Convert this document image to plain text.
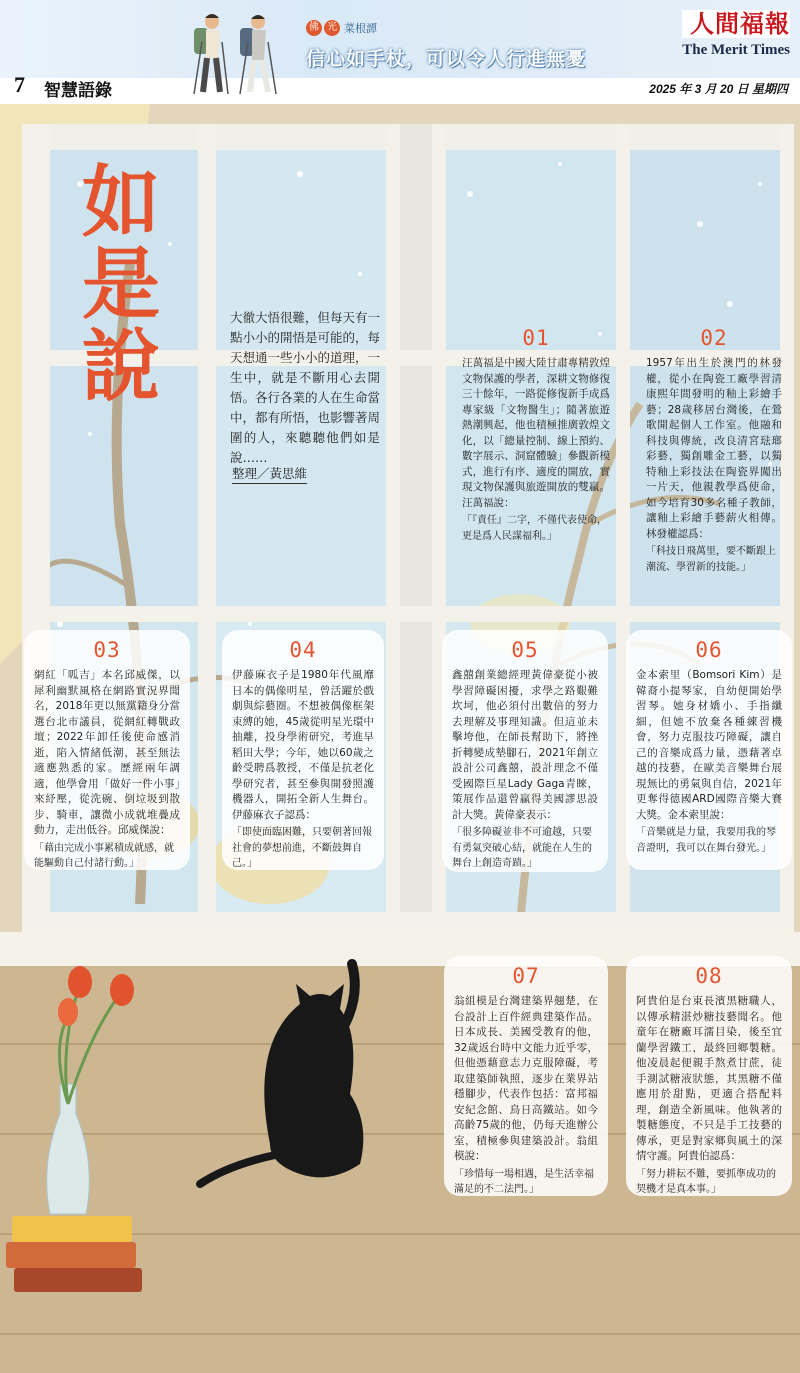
佛 光 菜根譚
信心如手杖，可以令人行進無憂
人間福報
The Merit Times
7 智慧語錄	2025 年 3 月 20 日 星期四
如
是
說

大徹大悟很難，但每天有一點小小的開悟是可能的，每天想通一些小小的道理，一生中，就是不斷用心去開悟。各行各業的人在生命當中，都有所悟，也影響著周圍的人，來聽聽他們如是說……

整理／黃思維
01

汪萬福是中國大陸甘肅專精敦煌文物保護的學者，深耕文物修復三十餘年，一路從修復新手成爲專家級「文物醫生」；隨著旅遊熱潮興起，他也積極推廣敦煌文化，以「總量控制、線上預約、數字展示、洞窟體驗」參觀新模式，進行有序、適度的開放，實現文物保護與旅遊開放的雙贏。汪萬福說：

「『責任』二字，不僅代表使命，更是爲人民謀福利。」

02

1957年出生於澳門的林發權，從小在陶瓷工廠學習清康熙年間發明的釉上彩繪手藝；28歲移居台灣後，在鶯歌開起個人工作室。他融和科技與傳統，改良清宮琺瑯彩藝，獨創雕金工藝，以獨特釉上彩技法在陶瓷界闖出一片天，他親教學爲使命，如今培育30多名種子教師，讓釉上彩繪手藝薪火相傳。林發權認爲：

「科技日飛萬里，要不斷跟上潮流、學習新的技能。」

03

網紅「呱吉」本名邱威傑，以犀利幽默風格在網路實況界聞名，2018年更以無黨籍身分當選台北市議員，從網紅轉戰政壇；2022年卸任後使命感消逝，陷入情緒低潮，甚至無法適應熟悉的家。歷經兩年調適，他學會用「做好一件小事」來紓壓，從洗碗、倒垃圾到散步、騎車，讓微小成就堆疊成動力，走出低谷。邱威傑說：

「藉由完成小事累積成就感，就能驅動自己付諸行動。」

04

伊藤麻衣子是1980年代風靡日本的偶像明星，曾活躍於戲劇與綜藝圈。不想被偶像框架束縛的她，45歲從明星光環中抽離，投身學術研究，考進早稻田大學；今年，她以60歲之齡受聘爲教授，不僅是抗老化學研究者，甚至參與開發照護機器人，開拓全新人生舞台。伊藤麻衣子認爲：

「即使面臨困難，只要朝著回報社會的夢想前進，不斷鼓舞自己。」

05

鑫囍創業總經理黃偉豪從小被學習障礙困擾，求學之路艱難坎坷，他必須付出數倍的努力去理解及事理知識。但這並未擊垮他，在師長幫助下，將挫折轉變成墊腳石，2021年創立設計公司鑫囍，設計理念不僅受國際巨星Lady Gaga青睞，策展作品還曾贏得美國謬思設計大獎。黃偉豪表示：

「很多障礙並非不可逾越，只要有勇氣突破心結，就能在人生的舞台上創造奇蹟。」

06

金本索里（Bomsori Kim）是韓裔小提琴家，自幼便開始學習琴。她身材嬌小、手指纖細，但她不放棄各種練習機會，努力克服技巧障礙，讓自己的音樂成爲力量，憑藉著卓越的技藝，在歐美音樂舞台展現無比的勇氣與自信，2021年更奪得德國ARD國際音樂大賽大獎。金本索里說：

「音樂就是力量，我要用我的琴音證明，我可以在舞台發光。」

07

翁組模是台灣建築界翹楚，在台設計上百件經典建築作品。日本成長、美國受教育的他，32歲返台時中文能力近乎零，但他憑藉意志力克服障礙，考取建築師執照，逐步在業界站穩腳步，代表作包括：富邦福安紀念館、鳥日高鐵站。如今高齡75歲的他，仍每天進辦公室，積極參與建築設計。翁組模說：

「珍惜每一場相遇，是生活幸福滿足的不二法門。」

08

阿貴伯是台東長濱黑糖職人，以傳承精湛炒糖技藝聞名。他童年在糖廠耳濡目染，後至宜蘭學習鐵工，最終回鄉製糖。他凌晨起便親手熬煮甘蔗，徒手測試糖液狀態，其黑糖不僅應用於甜點，更適合搭配料理，創造全新風味。他執著的製糖態度，不只是手工技藝的傳承，更是對家鄉與風土的深情守護。阿貴伯認爲：

「努力耕耘不難，要抓準成功的契機才是真本事。」
